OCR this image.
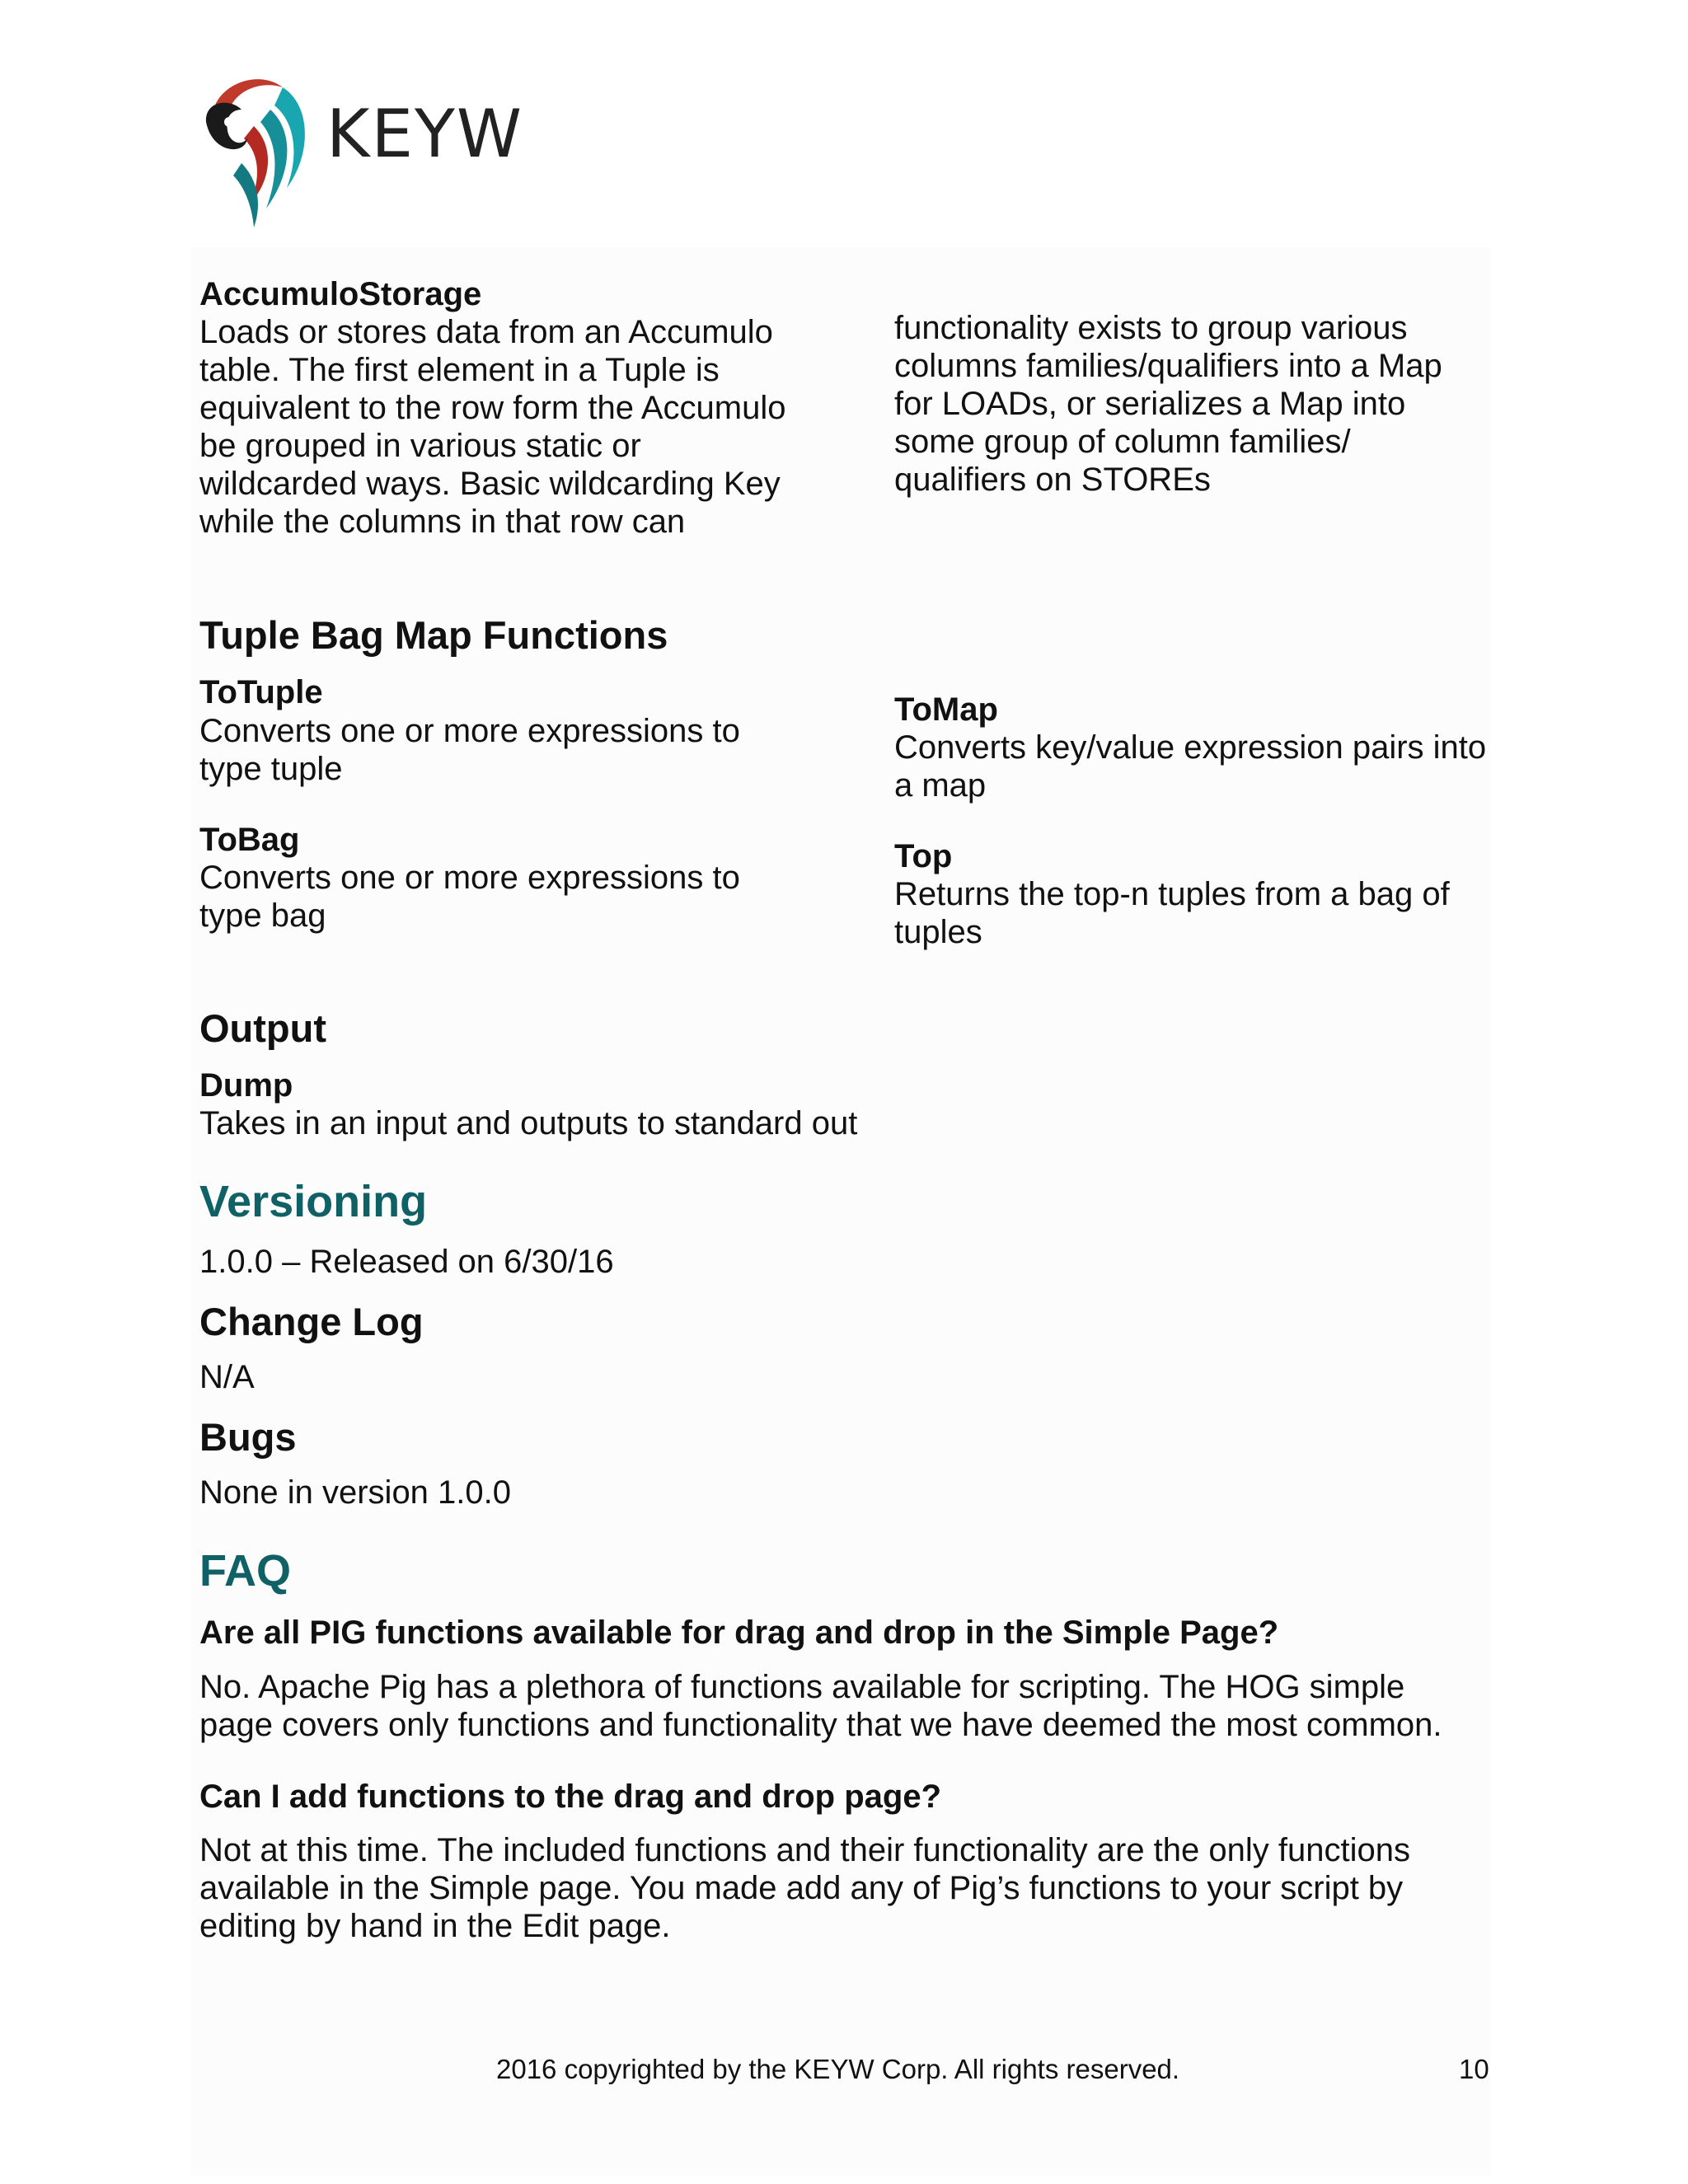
KEYW
AccumuloStorage
Loads or stores data from an Accumulo
table. The first element in a Tuple is
equivalent to the row form the Accumulo
be grouped in various static or
wildcarded ways. Basic wildcarding Key
while the columns in that row can
functionality exists to group various
columns families/qualifiers into a Map
for LOADs, or serializes a Map into
some group of column families/
qualifiers on STOREs
Tuple Bag Map Functions
ToTuple
Converts one or more expressions to
type tuple
ToMap
Converts key/value expression pairs into
a map
ToBag
Converts one or more expressions to
type bag
Top
Returns the top-n tuples from a bag of
tuples
Output
Dump
Takes in an input and outputs to standard out
Versioning
1.0.0 – Released on 6/30/16
Change Log
N/A
Bugs
None in version 1.0.0
FAQ
Are all PIG functions available for drag and drop in the Simple Page?
No. Apache Pig has a plethora of functions available for scripting. The HOG simple
page covers only functions and functionality that we have deemed the most common.
Can I add functions to the drag and drop page?
Not at this time. The included functions and their functionality are the only functions
available in the Simple page. You made add any of Pig’s functions to your script by
editing by hand in the Edit page.
2016 copyrighted by the KEYW Corp. All rights reserved.	10
